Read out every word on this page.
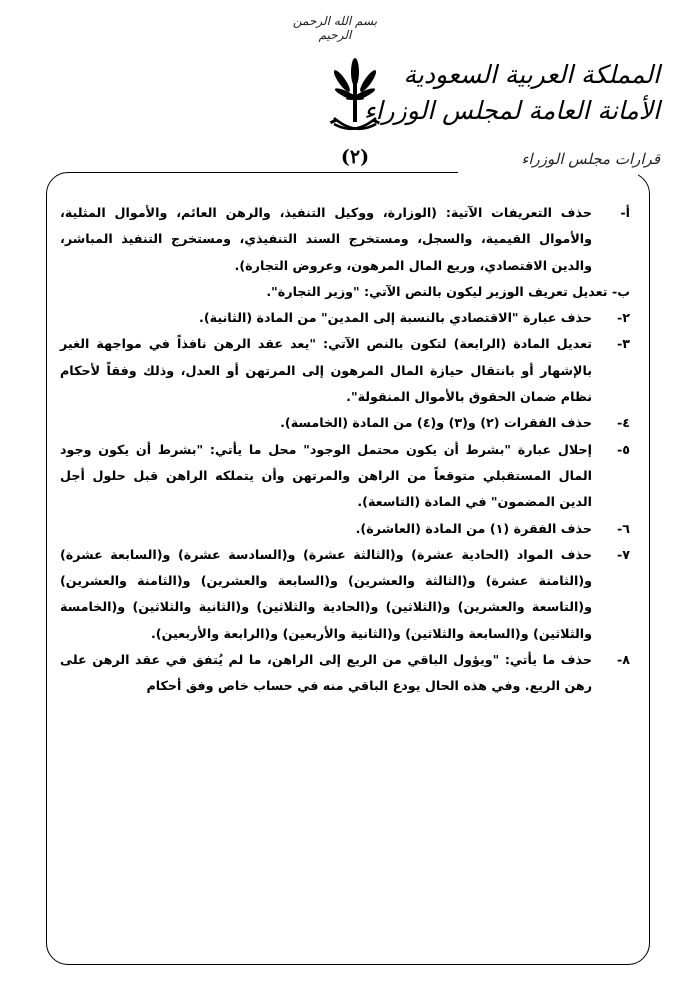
بسم الله الرحمن الرحيم
(٢)
المملكة العربية السعودية
الأمانة العامة لمجلس الوزراء
قرارات مجلس الوزراء

أ-
حذف التعريفات الآتية: (الوزارة، ووكيل التنفيذ، والرهن العائم، والأموال المثلية، والأموال القيمية، والسجل، ومستخرج السند التنفيذي، ومستخرج التنفيذ المباشر، والدين الاقتصادي، وريع المال المرهون، وعروض التجارة).

ب- تعديل تعريف الوزير ليكون بالنص الآتي: "وزير التجارة".

٢-
حذف عبارة "الاقتصادي بالنسبة إلى المدين" من المادة (الثانية).

٣-
تعديل المادة (الرابعة) لتكون بالنص الآتي: "يعد عقد الرهن نافذاً في مواجهة الغير بالإشهار أو بانتقال حيازة المال المرهون إلى المرتهن أو العدل، وذلك وفقاً لأحكام نظام ضمان الحقوق بالأموال المنقولة".

٤-
حذف الفقرات (٢) و(٣) و(٤) من المادة (الخامسة).

٥-
إحلال عبارة "بشرط أن يكون محتمل الوجود" محل ما يأتي: "بشرط أن يكون وجود المال المستقبلي متوقعاً من الراهن والمرتهن وأن يتملكه الراهن قبل حلول أجل الدين المضمون" في المادة (التاسعة).

٦-
حذف الفقرة (١) من المادة (العاشرة).

٧-
حذف المواد (الحادية عشرة) و(الثالثة عشرة) و(السادسة عشرة) و(السابعة عشرة) و(الثامنة عشرة) و(الثالثة والعشرين) و(السابعة والعشرين) و(الثامنة والعشرين) و(التاسعة والعشرين) و(الثلاثين) و(الحادية والثلاثين) و(الثانية والثلاثين) و(الخامسة والثلاثين) و(السابعة والثلاثين) و(الثانية والأربعين) و(الرابعة والأربعين).

٨-
حذف ما يأتي: "ويؤول الباقي من الريع إلى الراهن، ما لم يُتفق في عقد الرهن على رهن الريع. وفي هذه الحال يودع الباقي منه في حساب خاص وفق أحكام
